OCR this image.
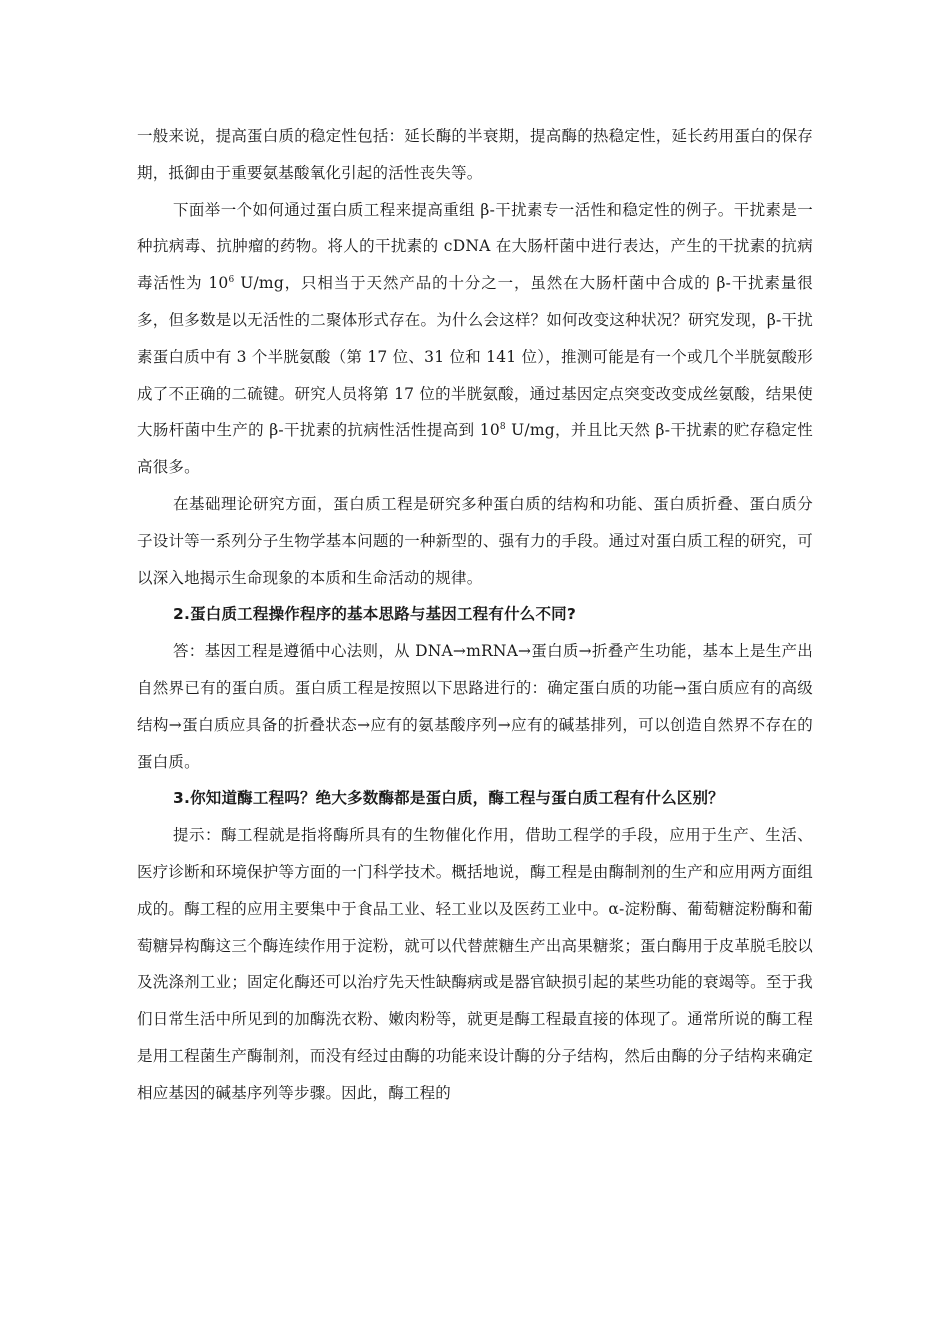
一般来说，提高蛋白质的稳定性包括：延长酶的半衰期，提高酶的热稳定性，延长药用蛋白的保存期，抵御由于重要氨基酸氧化引起的活性丧失等。

下面举一个如何通过蛋白质工程来提高重组 β-干扰素专一活性和稳定性的例子。干扰素是一种抗病毒、抗肿瘤的药物。将人的干扰素的 cDNA 在大肠杆菌中进行表达，产生的干扰素的抗病毒活性为 $10^6$ U/mg，只相当于天然产品的十分之一，虽然在大肠杆菌中合成的 β-干扰素量很多，但多数是以无活性的二聚体形式存在。为什么会这样？如何改变这种状况？研究发现，β-干扰素蛋白质中有 3 个半胱氨酸（第 17 位、31 位和 141 位），推测可能是有一个或几个半胱氨酸形成了不正确的二硫键。研究人员将第 17 位的半胱氨酸，通过基因定点突变改变成丝氨酸，结果使大肠杆菌中生产的 β-干扰素的抗病性活性提高到 $10^8$ U/mg，并且比天然 β-干扰素的贮存稳定性高很多。

在基础理论研究方面，蛋白质工程是研究多种蛋白质的结构和功能、蛋白质折叠、蛋白质分子设计等一系列分子生物学基本问题的一种新型的、强有力的手段。通过对蛋白质工程的研究，可以深入地揭示生命现象的本质和生命活动的规律。

2.蛋白质工程操作程序的基本思路与基因工程有什么不同?

答：基因工程是遵循中心法则，从 DNA→mRNA→蛋白质→折叠产生功能，基本上是生产出自然界已有的蛋白质。蛋白质工程是按照以下思路进行的：确定蛋白质的功能→蛋白质应有的高级结构→蛋白质应具备的折叠状态→应有的氨基酸序列→应有的碱基排列，可以创造自然界不存在的蛋白质。

3.你知道酶工程吗？绝大多数酶都是蛋白质，酶工程与蛋白质工程有什么区别？

提示：酶工程就是指将酶所具有的生物催化作用，借助工程学的手段，应用于生产、生活、医疗诊断和环境保护等方面的一门科学技术。概括地说，酶工程是由酶制剂的生产和应用两方面组成的。酶工程的应用主要集中于食品工业、轻工业以及医药工业中。α-淀粉酶、葡萄糖淀粉酶和葡萄糖异构酶这三个酶连续作用于淀粉，就可以代替蔗糖生产出高果糖浆；蛋白酶用于皮革脱毛胶以及洗涤剂工业；固定化酶还可以治疗先天性缺酶病或是器官缺损引起的某些功能的衰竭等。至于我们日常生活中所见到的加酶洗衣粉、嫩肉粉等，就更是酶工程最直接的体现了。通常所说的酶工程是用工程菌生产酶制剂，而没有经过由酶的功能来设计酶的分子结构，然后由酶的分子结构来确定相应基因的碱基序列等步骤。因此，酶工程的
